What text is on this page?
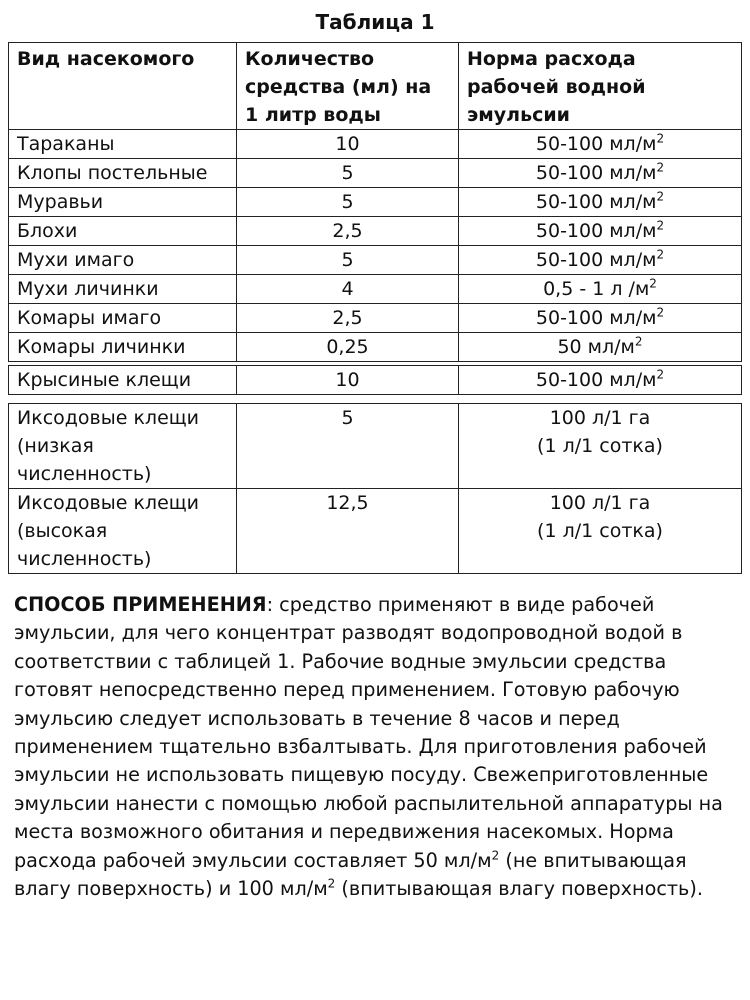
Таблица 1
Вид насекомого	Количество средства (мл) на 1 литр воды	Норма расхода рабочей водной эмульсии
Тараканы	10	50-100 $мл/м^2$
Клопы постельные	5	50-100 $мл/м^2$
Муравьи	5	50-100 $мл/м^2$
Блохи	2,5	50-100 $мл/м^2$
Мухи имаго	5	50-100 $мл/м^2$
Мухи личинки	4	0,5 - 1 л $/м^2$
Комары имаго	2,5	50-100 $мл/м^2$
Комары личинки	0,25	50 $мл/м^2$
Крысиные клещи	10	50-100 $мл/м^2$
Иксодовые клещи (низкая численность)	5	100 л/1 га
(1 л/1 сотка)

Иксодовые клещи (высокая численность)	12,5	100 л/1 га
(1 л/1 сотка)
СПОСОБ ПРИМЕНЕНИЯ: средство применяют в виде рабочей эмульсии, для чего концентрат разводят водопроводной водой в соответствии с таблицей 1. Рабочие водные эмульсии средства готовят непосредственно перед применением. Готовую рабочую эмульсию следует использовать в течение 8 часов и перед применением тщательно взбалтывать. Для приготовления рабочей эмульсии не использовать пищевую посуду. Свежеприготовленные эмульсии нанести с помощью любой распылительной аппаратуры на места возможного обитания и передвижения насекомых. Норма расхода рабочей эмульсии составляет 50 $мл/м^2$ (не впитывающая влагу поверхность) и 100 $мл/м^2$ (впитывающая влагу поверхность).
